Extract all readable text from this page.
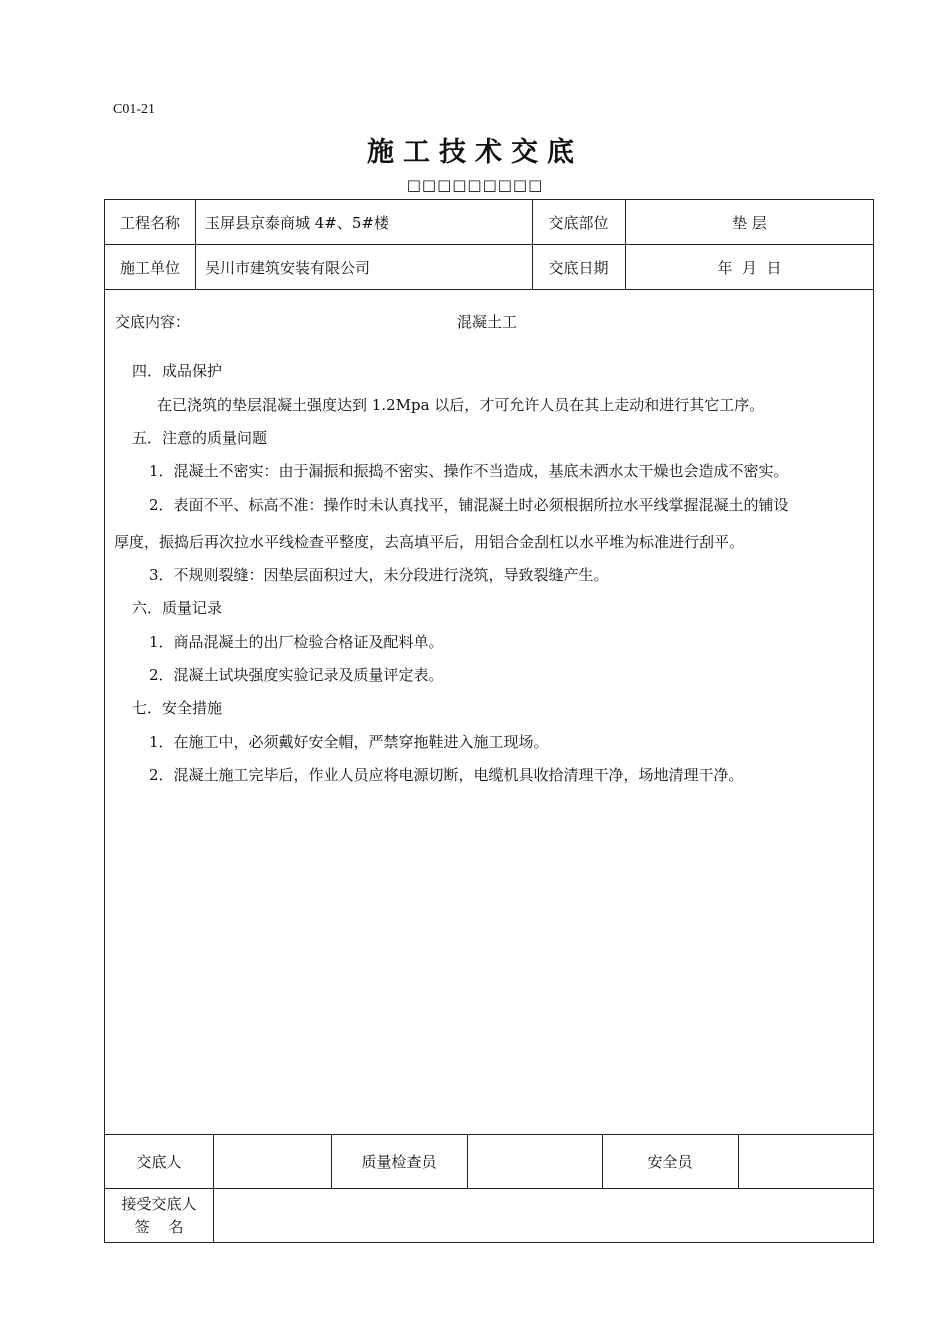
C01-21
施工技术交底
□□□□□□□□□
工程名称	玉屏县京泰商城 4#、5#楼	交底部位	垫 层
施工单位	吴川市建筑安装有限公司	交底日期	年  月  日
交底内容：	混凝土工
四．成品保护
在已浇筑的垫层混凝土强度达到 1.2Mpa 以后，才可允许人员在其上走动和进行其它工序。
五．注意的质量问题
1．混凝土不密实：由于漏振和振捣不密实、操作不当造成，基底未洒水太干燥也会造成不密实。
2．表面不平、标高不准：操作时未认真找平，铺混凝土时必须根据所拉水平线掌握混凝土的铺设
厚度，振捣后再次拉水平线检查平整度，去高填平后，用铝合金刮杠以水平堆为标准进行刮平。
3．不规则裂缝：因垫层面积过大，未分段进行浇筑，导致裂缝产生。
六．质量记录
1．商品混凝土的出厂检验合格证及配料单。
2．混凝土试块强度实验记录及质量评定表。
七．安全措施
1．在施工中，必须戴好安全帽，严禁穿拖鞋进入施工现场。
2．混凝土施工完毕后，作业人员应将电源切断，电缆机具收拾清理干净，场地清理干净。
交底人	质量检查员	安全员
接受交底人
签    名
